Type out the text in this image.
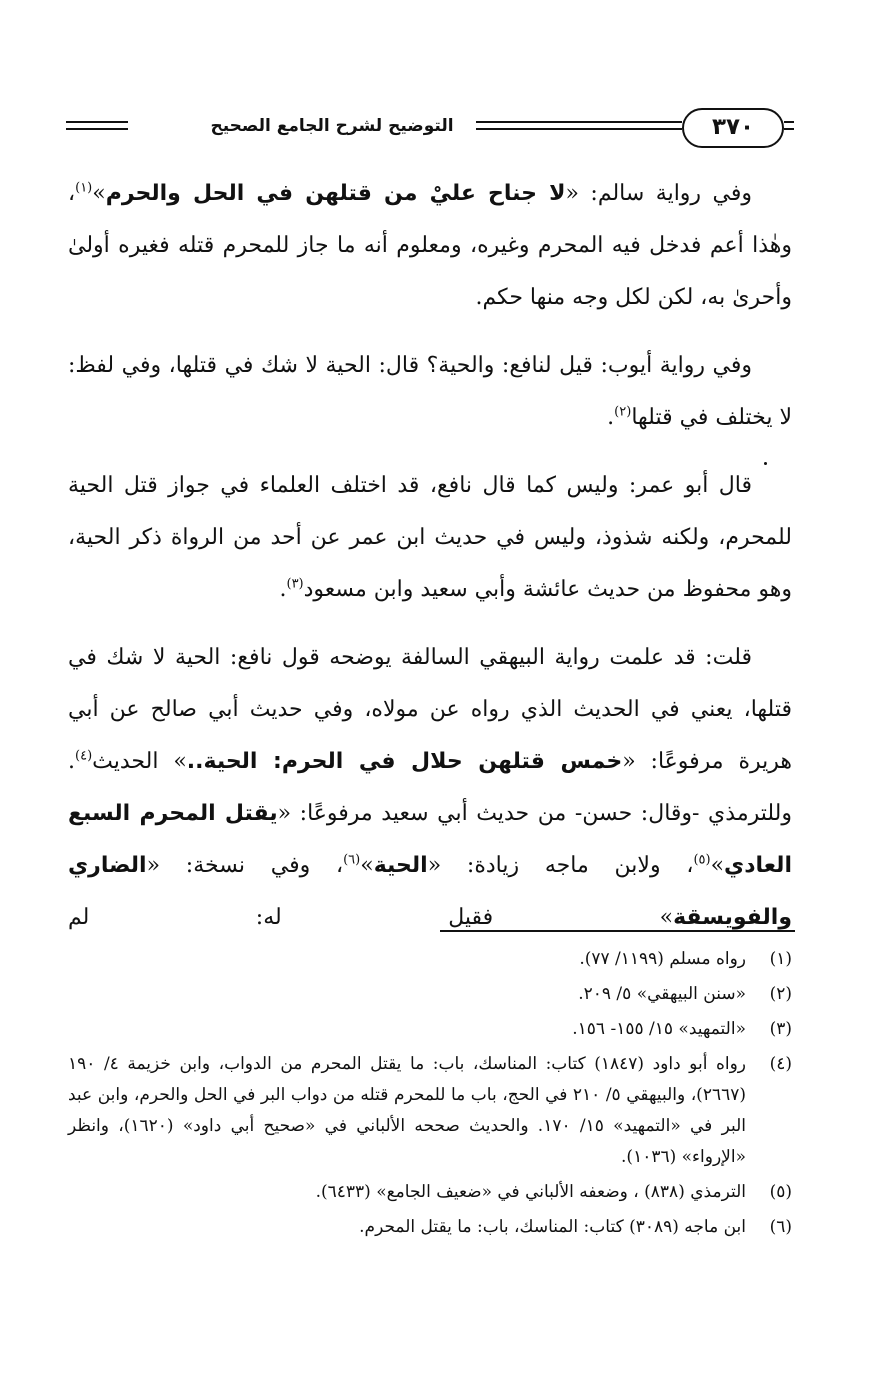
التوضيح لشرح الجامع الصحيح	٣٧٠

وفي رواية سالم: «لا جناح عليْ من قتلهن في الحل والحرم»$^{(١)}$، وهٰذا أعم فدخل فيه المحرم وغيره، ومعلوم أنه ما جاز للمحرم قتله فغيره أولىٰ وأحرىٰ به، لكن لكل وجه منها حكم.

وفي رواية أيوب: قيل لنافع: والحية؟ قال: الحية لا شك في قتلها، وفي لفظ: لا يختلف في قتلها$^{(٢)}$.

قال أبو عمر: وليس كما قال نافع، قد اختلف العلماء في جواز قتل الحية للمحرم، ولكنه شذوذ، وليس في حديث ابن عمر عن أحد من الرواة ذكر الحية، وهو محفوظ من حديث عائشة وأبي سعيد وابن مسعود$^{(٣)}$.

قلت: قد علمت رواية البيهقي السالفة يوضحه قول نافع: الحية لا شك في قتلها، يعني في الحديث الذي رواه عن مولاه، وفي حديث أبي صالح عن أبي هريرة مرفوعًا: «خمس قتلهن حلال في الحرم: الحية..» الحديث$^{(٤)}$. وللترمذي -وقال: حسن- من حديث أبي سعيد مرفوعًا: «يقتل المحرم السبع العادي»$^{(٥)}$، ولابن ماجه زيادة: «الحية»$^{(٦)}$، وفي نسخة: «الضاري والفويسقة» فقيل له: لم

(١)
رواه مسلم (١١٩٩/ ٧٧).
(٢)
«سنن البيهقي» ٥/ ٢٠٩.
(٣)
«التمهيد» ١٥/ ١٥٥- ١٥٦.
(٤)
رواه أبو داود (١٨٤٧) كتاب: المناسك، باب: ما يقتل المحرم من الدواب، وابن خزيمة ٤/ ١٩٠ (٢٦٦٧)، والبيهقي ٥/ ٢١٠ في الحج، باب ما للمحرم قتله من دواب البر في الحل والحرم، وابن عبد البر في «التمهيد» ١٥/ ١٧٠. والحديث صححه الألباني في «صحيح أبي داود» (١٦٢٠)، وانظر «الإرواء» (١٠٣٦).
(٥)
الترمذي (٨٣٨) ، وضعفه الألباني في «ضعيف الجامع» (٦٤٣٣).
(٦)
ابن ماجه (٣٠٨٩) كتاب: المناسك، باب: ما يقتل المحرم.
